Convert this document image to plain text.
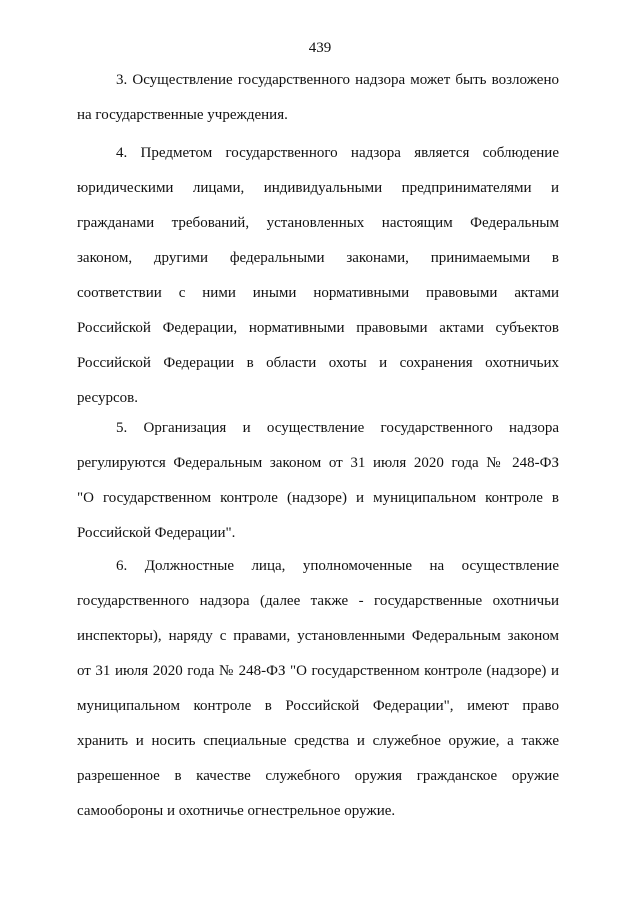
439
3. Осуществление государственного надзора может быть возложено
на государственные учреждения.
4. Предметом государственного надзора является соблюдение
юридическими лицами, индивидуальными предпринимателями и
гражданами требований, установленных настоящим Федеральным
законом, другими федеральными законами, принимаемыми в
соответствии с ними иными нормативными правовыми актами
Российской Федерации, нормативными правовыми актами субъектов
Российской Федерации в области охоты и сохранения охотничьих
ресурсов.
5. Организация и осуществление государственного надзора
регулируются Федеральным законом от 31 июля 2020 года № 248-ФЗ
"О государственном контроле (надзоре) и муниципальном контроле в
Российской Федерации".
6. Должностные лица, уполномоченные на осуществление
государственного надзора (далее также - государственные охотничьи
инспекторы), наряду с правами, установленными Федеральным законом
от 31 июля 2020 года № 248-ФЗ "О государственном контроле (надзоре) и
муниципальном контроле в Российской Федерации", имеют право
хранить и носить специальные средства и служебное оружие, а также
разрешенное в качестве служебного оружия гражданское оружие
самообороны и охотничье огнестрельное оружие.
